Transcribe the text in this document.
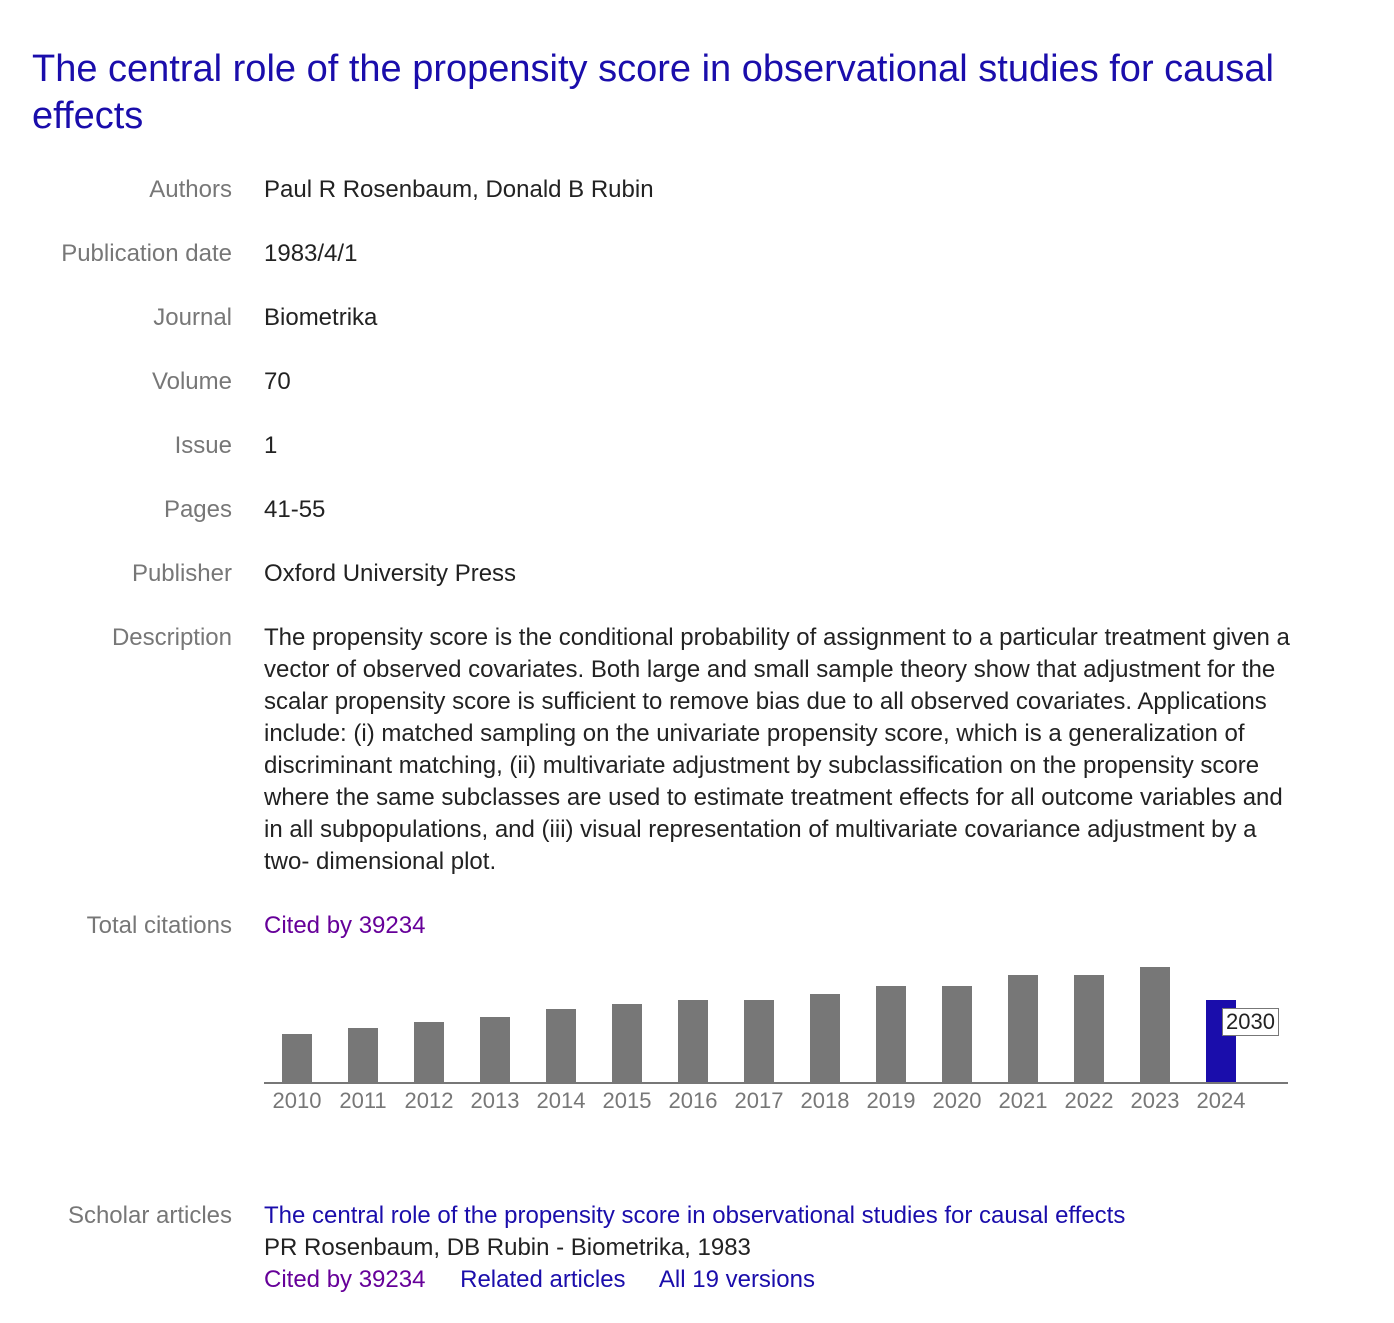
The central role of the propensity score in observational studies for causal effects
Authors Paul R Rosenbaum, Donald B Rubin
Publication date 1983/4/1
Journal Biometrika
Volume 70
Issue 1
Pages 41-55
Publisher Oxford University Press
Description The propensity score is the conditional probability of assignment to a particular treatment given a vector of observed covariates. Both large and small sample theory show that adjustment for the scalar propensity score is sufficient to remove bias due to all observed covariates. Applications include: (i) matched sampling on the univariate propensity score, which is a generalization of discriminant matching, (ii) multivariate adjustment by subclassification on the propensity score where the same subclasses are used to estimate treatment effects for all outcome variables and in all subpopulations, and (iii) visual representation of multivariate covariance adjustment by a two- dimensional plot.
Total citations Cited by 39234
2010 2011 2012 2013 2014 2015 2016 2017 2018 2019 2020 2021 2022 2023 2024
2030
Scholar articles The central role of the propensity score in observational studies for causal effects
PR Rosenbaum, DB Rubin - Biometrika, 1983
Cited by 39234 Related articles All 19 versions
